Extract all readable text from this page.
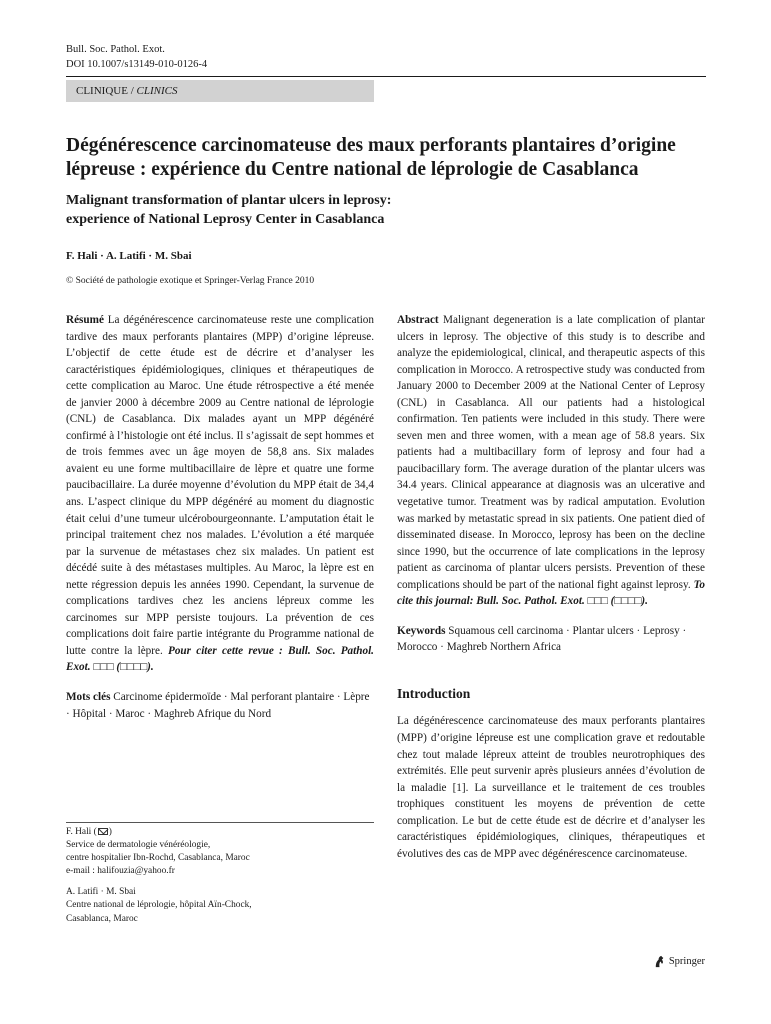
Bull. Soc. Pathol. Exot.
DOI 10.1007/s13149-010-0126-4
CLINIQUE / CLINICS
Dégénérescence carcinomateuse des maux perforants plantaires d’origine
lépreuse : expérience du Centre national de léprologie de Casablanca
Malignant transformation of plantar ulcers in leprosy:
experience of National Leprosy Center in Casablanca
F. Hali · A. Latifi · M. Sbai
© Société de pathologie exotique et Springer-Verlag France 2010

Résumé La dégénérescence carcinomateuse reste une complication tardive des maux perforants plantaires (MPP) d’origine lépreuse. L’objectif de cette étude est de décrire et d’analyser les caractéristiques épidémiologiques, cliniques et thérapeutiques de cette complication au Maroc. Une étude rétrospective a été menée de janvier 2000 à décembre 2009 au Centre national de léprologie (CNL) de Casablanca. Dix malades ayant un MPP dégénéré confirmé à l’histologie ont été inclus. Il s’agissait de sept hommes et de trois femmes avec un âge moyen de 58,8 ans. Six malades avaient eu une forme multibacillaire de lèpre et quatre une forme paucibacillaire. La durée moyenne d’évolution du MPP était de 34,4 ans. L’aspect clinique du MPP dégénéré au moment du diagnostic était celui d’une tumeur ulcérobourgeonnante. L’amputation était le principal traitement chez nos malades. L’évolution a été marquée par la survenue de métastases chez six malades. Un patient est décédé suite à des métastases multiples. Au Maroc, la lèpre est en nette régression depuis les années 1990. Cependant, la survenue de complications tardives chez les anciens lépreux comme les carcinomes sur MPP persiste toujours. La prévention de ces complications doit faire partie intégrante du Programme national de lutte contre la lèpre. Pour citer cette revue : Bull. Soc. Pathol. Exot. □□□ (□□□□).

Mots clés Carcinome épidermoïde · Mal perforant plantaire · Lèpre · Hôpital · Maroc · Maghreb Afrique du Nord

Abstract Malignant degeneration is a late complication of plantar ulcers in leprosy. The objective of this study is to describe and analyze the epidemiological, clinical, and therapeutic aspects of this complication in Morocco. A retrospective study was conducted from January 2000 to December 2009 at the National Center of Leprosy (CNL) in Casablanca. All our patients had a histological confirmation. Ten patients were included in this study. There were seven men and three women, with a mean age of 58.8 years. Six patients had a multibacillary form of leprosy and four had a paucibacillary form. The average duration of the plantar ulcers was 34.4 years. Clinical appearance at diagnosis was an ulcerative and vegetative tumor. Treatment was by radical amputation. Evolution was marked by metastatic spread in six patients. One patient died of disseminated disease. In Morocco, leprosy has been on the decline since 1990, but the occurrence of late complications in the leprosy patient as carcinoma of plantar ulcers persists. Prevention of these complications should be part of the national fight against leprosy. To cite this journal: Bull. Soc. Pathol. Exot. □□□ (□□□□).

Keywords Squamous cell carcinoma · Plantar ulcers · Leprosy · Morocco · Maghreb Northern Africa

Introduction

La dégénérescence carcinomateuse des maux perforants plantaires (MPP) d’origine lépreuse est une complication grave et redoutable chez tout malade lépreux atteint de troubles neurotrophiques des extrémités. Elle peut survenir après plusieurs années d’évolution de la maladie [1]. La surveillance et le traitement de ces troubles trophiques constituent les moyens de prévention de cette complication. Le but de cette étude est de décrire et d’analyser les caractéristiques épidémiologiques, cliniques, thérapeutiques et évolutives des cas de MPP avec dégénérescence carcinomateuse.

F. Hali ( )
Service de dermatologie vénéréologie,
centre hospitalier Ibn-Rochd, Casablanca, Maroc
e-mail : halifouzia@yahoo.fr
A. Latifi · M. Sbai
Centre national de léprologie, hôpital Aïn-Chock,
Casablanca, Maroc
Springer
